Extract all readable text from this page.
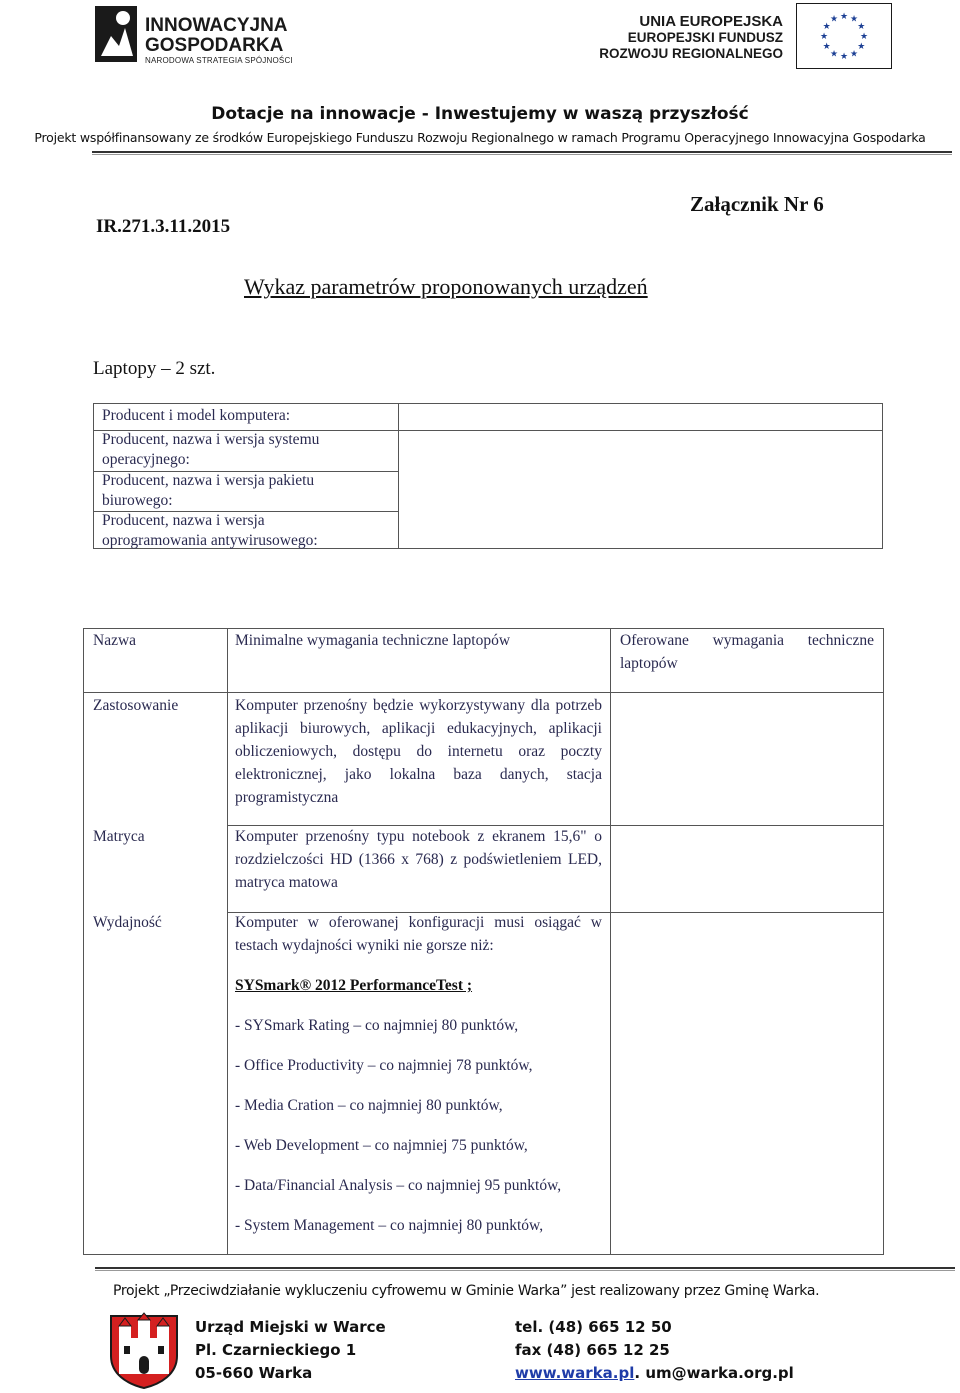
INNOWACYJNA
GOSPODARKA
NARODOWA STRATEGIA SPÓJNOŚCI
UNIA EUROPEJSKA
EUROPEJSKI FUNDUSZ
ROZWOJU REGIONALNEGO
★ ★
★
★
★
★
★
★
★
★
★
★
Dotacje na innowacje - Inwestujemy w waszą przyszłość
Projekt współfinansowany ze środków Europejskiego Funduszu Rozwoju Regionalnego w ramach Programu Operacyjnego Innowacyjna Gospodarka
IR.271.3.11.2015
Załącznik Nr 6
Wykaz parametrów proponowanych urządzeń
Laptopy – 2 szt.
Producent i model komputera:
Producent, nazwa i wersja systemu
operacyjnego:
Producent, nazwa i wersja pakietu
biurowego:
Producent, nazwa i wersja
oprogramowania antywirusowego:
Nazwa	Minimalne wymagania techniczne laptopów	Oferowane wymagania techniczne
laptopów
Zastosowanie	Komputer przenośny będzie wykorzystywany dla potrzeb aplikacji biurowych, aplikacji edukacyjnych, aplikacji obliczeniowych, dostępu do internetu oraz poczty elektronicznej, jako lokalna baza danych, stacja programistyczna
Matryca	Komputer przenośny typu notebook z ekranem 15,6" o rozdzielczości HD (1366 x 768) z podświetleniem LED, matryca matowa
Wydajność	Komputer w oferowanej konfiguracji musi osiągać w testach wydajności wyniki nie gorsze niż:
SYSmark® 2012 PerformanceTest ;
- SYSmark Rating – co najmniej 80 punktów,
- Office Productivity – co najmniej 78 punktów,
- Media Cration – co najmniej 80 punktów,
- Web Development – co najmniej 75 punktów,
- Data/Financial Analysis – co najmniej 95 punktów,
- System Management – co najmniej 80 punktów,
Projekt „Przeciwdziałanie wykluczeniu cyfrowemu w Gminie Warka” jest realizowany przez Gminę Warka.
Urząd Miejski w Warce
Pl. Czarnieckiego 1
05-660 Warka
tel. (48) 665 12 50
fax (48) 665 12 25
www.warka.pl. um@warka.org.pl
